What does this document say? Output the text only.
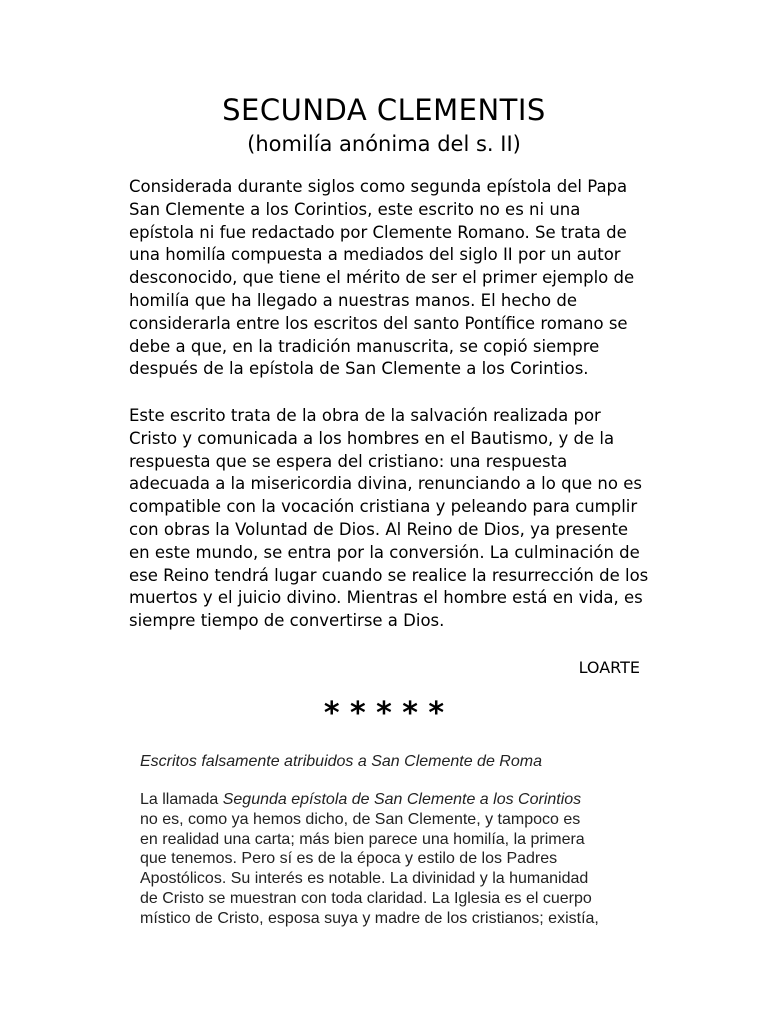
SECUNDA CLEMENTIS
(homilía anónima del s. II)
Considerada durante siglos como segunda epístola del Papa San Clemente a los Corintios, este escrito no es ni una epístola ni fue redactado por Clemente Romano. Se trata de una homilía compuesta a mediados del siglo II por un autor desconocido, que tiene el mérito de ser el primer ejemplo de homilía que ha llegado a nuestras manos. El hecho de considerarla entre los escritos del santo Pontífice romano se debe a que, en la tradición manuscrita, se copió siempre después de la epístola de San Clemente a los Corintios.
Este escrito trata de la obra de la salvación realizada por Cristo y comunicada a los hombres en el Bautismo, y de la respuesta que se espera del cristiano: una respuesta adecuada a la misericordia divina, renunciando a lo que no es compatible con la vocación cristiana y peleando para cumplir con obras la Voluntad de Dios. Al Reino de Dios, ya presente en este mundo, se entra por la conversión. La culminación de ese Reino tendrá lugar cuando se realice la resurrección de los muertos y el juicio divino. Mientras el hombre está en vida, es siempre tiempo de convertirse a Dios.
LOARTE
* * * * *
Escritos falsamente atribuidos a San Clemente de Roma
La llamada Segunda epístola de San Clemente a los Corintios
no es, como ya hemos dicho, de San Clemente, y tampoco es
en realidad una carta; más bien parece una homilía, la primera
que tenemos. Pero sí es de la época y estilo de los Padres
Apostólicos. Su interés es notable. La divinidad y la humanidad
de Cristo se muestran con toda claridad. La Iglesia es el cuerpo
místico de Cristo, esposa suya y madre de los cristianos; existía,
